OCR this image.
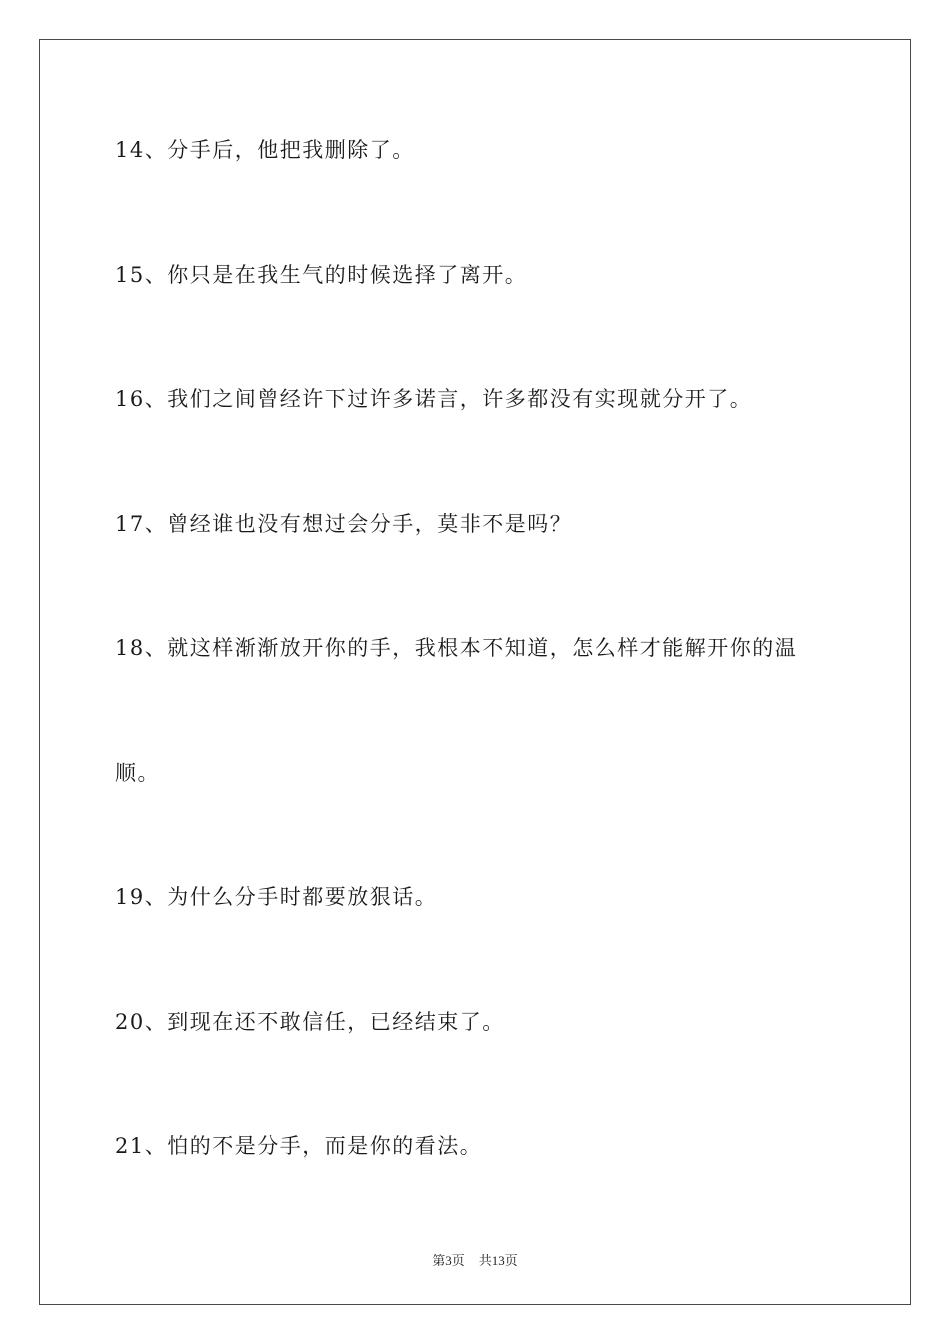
14、分手后，他把我删除了。
15、你只是在我生气的时候选择了离开。
16、我们之间曾经许下过许多诺言，许多都没有实现就分开了。
17、曾经谁也没有想过会分手，莫非不是吗？
18、就这样渐渐放开你的手，我根本不知道，怎么样才能解开你的温
顺。
19、为什么分手时都要放狠话。
20、到现在还不敢信任，已经结束了。
21、怕的不是分手，而是你的看法。
第3页 共13页
